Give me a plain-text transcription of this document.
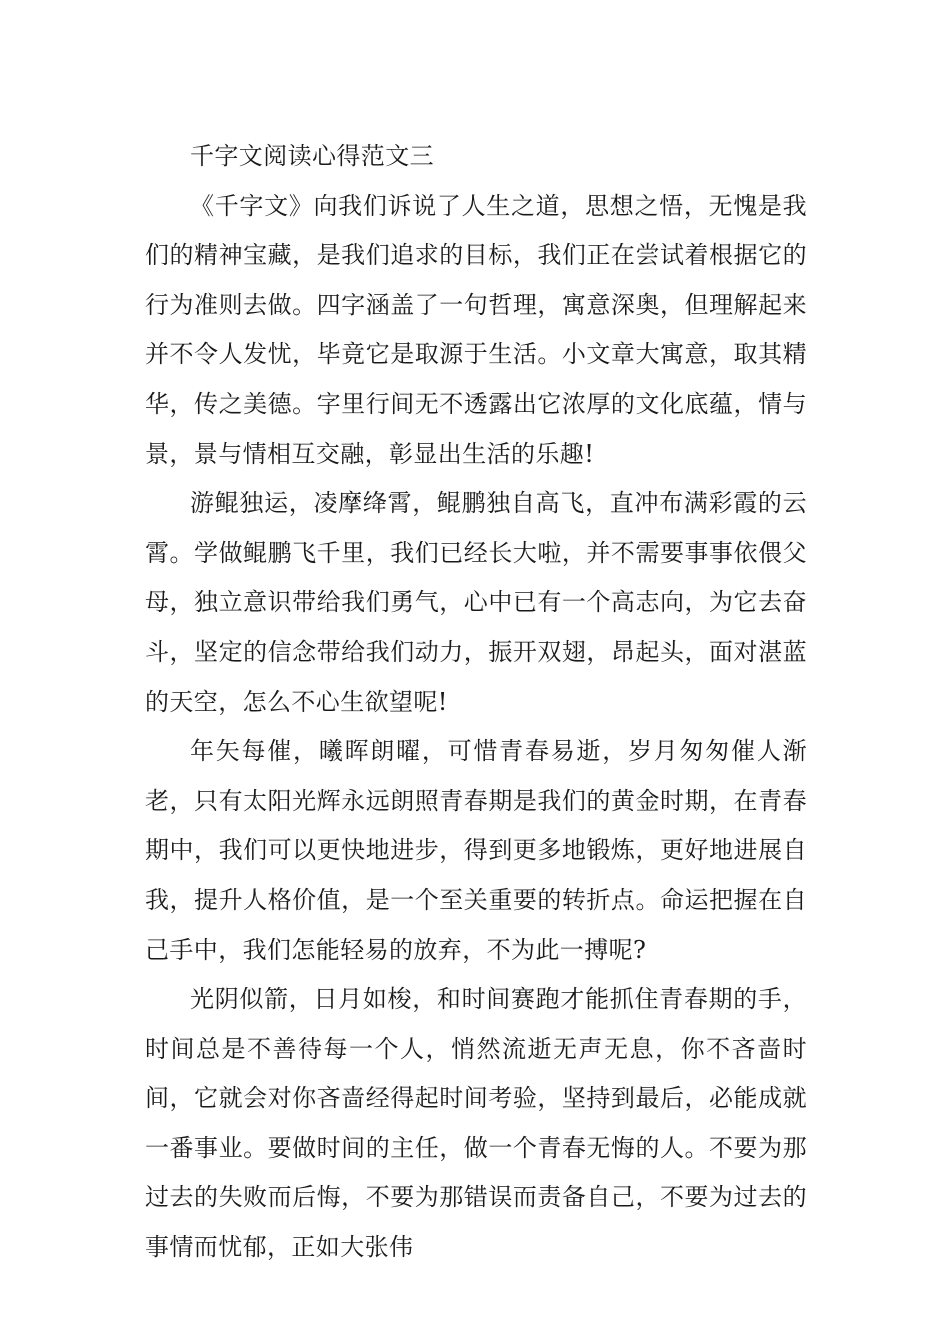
千字文阅读心得范文三

《千字文》向我们诉说了人生之道，思想之悟，无愧是我们的精神宝藏，是我们追求的目标，我们正在尝试着根据它的行为准则去做。四字涵盖了一句哲理，寓意深奥，但理解起来并不令人发忧，毕竟它是取源于生活。小文章大寓意，取其精华，传之美德。字里行间无不透露出它浓厚的文化底蕴，情与景，景与情相互交融，彰显出生活的乐趣!

游鲲独运，凌摩绛霄，鲲鹏独自高飞，直冲布满彩霞的云霄。学做鲲鹏飞千里，我们已经长大啦，并不需要事事依偎父母，独立意识带给我们勇气，心中已有一个高志向，为它去奋斗，坚定的信念带给我们动力，振开双翅，昂起头，面对湛蓝的天空，怎么不心生欲望呢!

年矢每催，曦晖朗曜，可惜青春易逝，岁月匆匆催人渐老，只有太阳光辉永远朗照青春期是我们的黄金时期，在青春期中，我们可以更快地进步，得到更多地锻炼，更好地进展自我，提升人格价值，是一个至关重要的转折点。命运把握在自己手中，我们怎能轻易的放弃，不为此一搏呢?

光阴似箭，日月如梭，和时间赛跑才能抓住青春期的手，时间总是不善待每一个人，悄然流逝无声无息，你不吝啬时间，它就会对你吝啬经得起时间考验，坚持到最后，必能成就一番事业。要做时间的主任，做一个青春无悔的人。不要为那过去的失败而后悔，不要为那错误而责备自己，不要为过去的事情而忧郁，正如大张伟
